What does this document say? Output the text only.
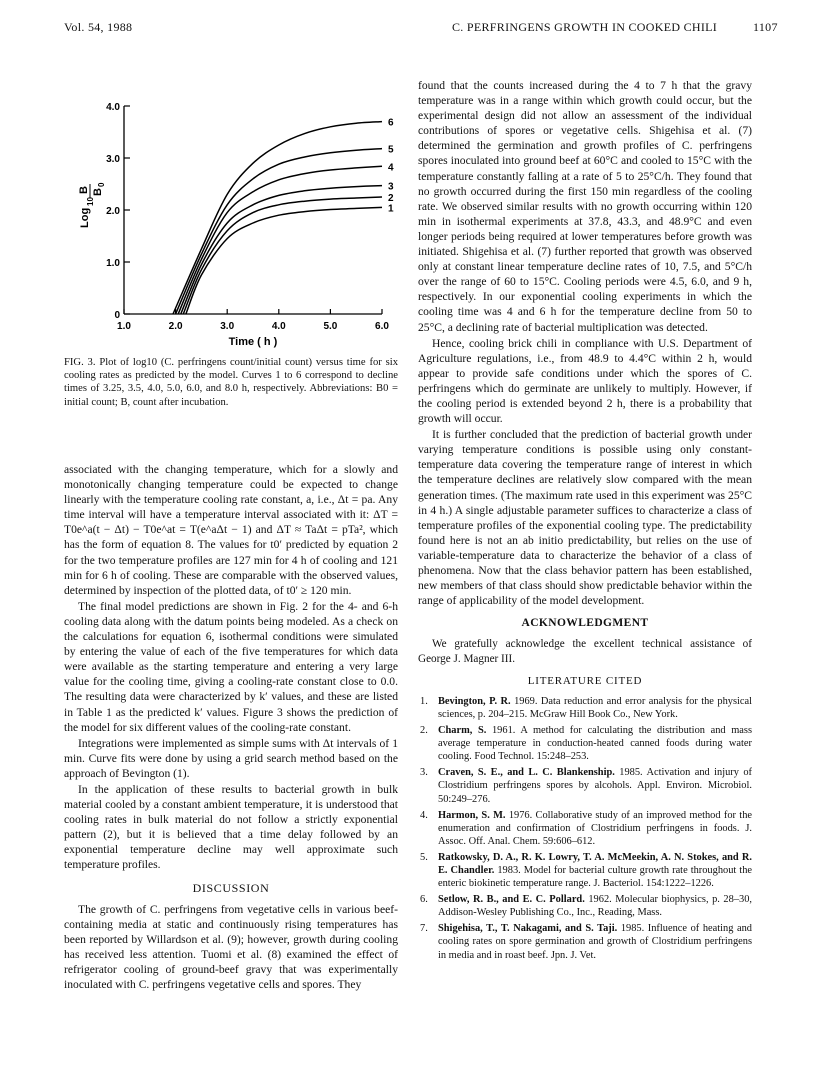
Vol. 54, 1988	C. PERFRINGENS GROWTH IN COOKED CHILI	1107
4.0
3.0
2.0
1.0
0
1.0	2.0	3.0	4.0	5.0	6.0
1
2
3
4
5
6
Log
10
B B
0
Time ( h )
FIG. 3. Plot of log10 (C. perfringens count/initial count) versus time for six cooling rates as predicted by the model. Curves 1 to 6 correspond to decline times of 3.25, 3.5, 4.0, 5.0, 6.0, and 8.0 h, respectively. Abbreviations: B0 = initial count; B, count after incubation.

associated with the changing temperature, which for a slowly and monotonically changing temperature could be expected to change linearly with the temperature cooling rate constant, a, i.e., Δt = pa. Any time interval will have a temperature interval associated with it: ΔT = T0e^a(t − Δt) − T0e^at = T(e^aΔt − 1) and ΔT ≈ TaΔt = pTa², which has the form of equation 8. The values for t0′ predicted by equation 2 for the two temperature profiles are 127 min for 4 h of cooling and 121 min for 6 h of cooling. These are comparable with the observed values, determined by inspection of the plotted data, of t0′ ≥ 120 min.

The final model predictions are shown in Fig. 2 for the 4- and 6-h cooling data along with the datum points being modeled. As a check on the calculations for equation 6, isothermal conditions were simulated by entering the value of each of the five temperatures for which data were available as the starting temperature and entering a very large value for the cooling time, giving a cooling-rate constant close to 0.0. The resulting data were characterized by k′ values, and these are listed in Table 1 as the predicted k′ values. Figure 3 shows the prediction of the model for six different values of the cooling-rate constant.

Integrations were implemented as simple sums with Δt intervals of 1 min. Curve fits were done by using a grid search method based on the approach of Bevington (1).

In the application of these results to bacterial growth in bulk material cooled by a constant ambient temperature, it is understood that cooling rates in bulk material do not follow a strictly exponential pattern (2), but it is believed that a time delay followed by an exponential temperature decline may well approximate such temperature profiles.

DISCUSSION

The growth of C. perfringens from vegetative cells in various beef-containing media at static and continuously rising temperatures has been reported by Willardson et al. (9); however, growth during cooling has received less attention. Tuomi et al. (8) examined the effect of refrigerator cooling of ground-beef gravy that was experimentally inoculated with C. perfringens vegetative cells and spores. They

found that the counts increased during the 4 to 7 h that the gravy temperature was in a range within which growth could occur, but the experimental design did not allow an assessment of the individual contributions of spores or vegetative cells. Shigehisa et al. (7) determined the germination and growth profiles of C. perfringens spores inoculated into ground beef at 60°C and cooled to 15°C with the temperature constantly falling at a rate of 5 to 25°C/h. They found that no growth occurred during the first 150 min regardless of the cooling rate. We observed similar results with no growth occurring within 120 min in isothermal experiments at 37.8, 43.3, and 48.9°C and even longer periods being required at lower temperatures before growth was initiated. Shigehisa et al. (7) further reported that growth was observed only at constant linear temperature decline rates of 10, 7.5, and 5°C/h over the range of 60 to 15°C. Cooling periods were 4.5, 6.0, and 9 h, respectively. In our exponential cooling experiments in which the cooling time was 4 and 6 h for the temperature decline from 50 to 25°C, a declining rate of bacterial multiplication was detected.

Hence, cooling brick chili in compliance with U.S. Department of Agriculture regulations, i.e., from 48.9 to 4.4°C within 2 h, would appear to provide safe conditions under which the spores of C. perfringens which do germinate are unlikely to multiply. However, if the cooling period is extended beyond 2 h, there is a probability that growth will occur.

It is further concluded that the prediction of bacterial growth under varying temperature conditions is possible using only constant-temperature data covering the temperature range of interest in which the temperature declines are relatively slow compared with the mean generation times. (The maximum rate used in this experiment was 25°C in 4 h.) A single adjustable parameter suffices to characterize a class of temperature profiles of the exponential cooling type. The predictability found here is not an ab initio predictability, but relies on the use of variable-temperature data to characterize the behavior of a class of phenomena. Now that the class behavior pattern has been established, new members of that class should show predictable behavior within the range of applicability of the model development.

ACKNOWLEDGMENT

We gratefully acknowledge the excellent technical assistance of George J. Magner III.

LITERATURE CITED
1. Bevington, P. R. 1969. Data reduction and error analysis for the physical sciences, p. 204–215. McGraw Hill Book Co., New York.
2. Charm, S. 1961. A method for calculating the distribution and mass average temperature in conduction-heated canned foods during water cooling. Food Technol. 15:248–253.
3. Craven, S. E., and L. C. Blankenship. 1985. Activation and injury of Clostridium perfringens spores by alcohols. Appl. Environ. Microbiol. 50:249–276.
4. Harmon, S. M. 1976. Collaborative study of an improved method for the enumeration and confirmation of Clostridium perfringens in foods. J. Assoc. Off. Anal. Chem. 59:606–612.
5. Ratkowsky, D. A., R. K. Lowry, T. A. McMeekin, A. N. Stokes, and R. E. Chandler. 1983. Model for bacterial culture growth rate throughout the enteric biokinetic temperature range. J. Bacteriol. 154:1222–1226.
6. Setlow, R. B., and E. C. Pollard. 1962. Molecular biophysics, p. 28–30, Addison-Wesley Publishing Co., Inc., Reading, Mass.
7. Shigehisa, T., T. Nakagami, and S. Taji. 1985. Influence of heating and cooling rates on spore germination and growth of Clostridium perfringens in media and in roast beef. Jpn. J. Vet.
